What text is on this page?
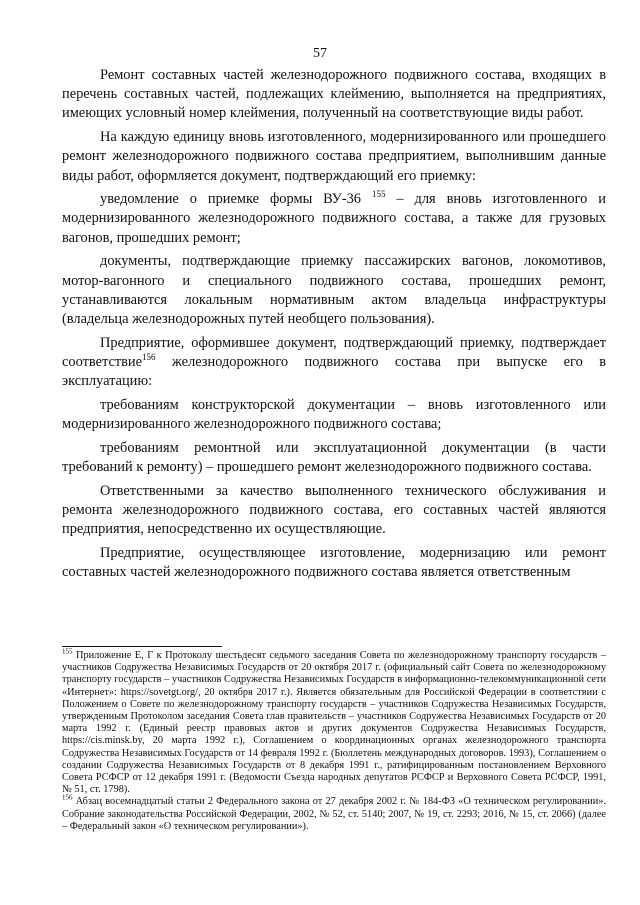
57

Ремонт составных частей железнодорожного подвижного состава, входящих в перечень составных частей, подлежащих клеймению, выполняется на предприятиях, имеющих условный номер клеймения, полученный на соответствующие виды работ.

На каждую единицу вновь изготовленного, модернизированного или прошедшего ремонт железнодорожного подвижного состава предприятием, выполнившим данные виды работ, оформляется документ, подтверждающий его приемку:

уведомление о приемке формы ВУ-36 $^{155}$ – для вновь изготовленного и модернизированного железнодорожного подвижного состава, а также для грузовых вагонов, прошедших ремонт;

документы, подтверждающие приемку пассажирских вагонов, локомотивов, мотор-вагонного и специального подвижного состава, прошедших ремонт, устанавливаются локальным нормативным актом владельца инфраструктуры (владельца железнодорожных путей необщего пользования).

Предприятие, оформившее документ, подтверждающий приемку, подтверждает соответствие$^{156}$ железнодорожного подвижного состава при выпуске его в эксплуатацию:

требованиям конструкторской документации – вновь изготовленного или модернизированного железнодорожного подвижного состава;

требованиям ремонтной или эксплуатационной документации (в части требований к ремонту) – прошедшего ремонт железнодорожного подвижного состава.

Ответственными за качество выполненного технического обслуживания и ремонта железнодорожного подвижного состава, его составных частей являются предприятия, непосредственно их осуществляющие.

Предприятие, осуществляющее изготовление, модернизацию или ремонт составных частей железнодорожного подвижного состава является ответственным

$^{155}$ Приложение Е, Г к Протоколу шестьдесят седьмого заседания Совета по железнодорожному транспорту государств – участников Содружества Независимых Государств от 20 октября 2017 г. (официальный сайт Совета по железнодорожному транспорту государств – участников Содружества Независимых Государств в информационно-телекоммуникационной сети «Интернет»: https://sovetgt.org/, 20 октября 2017 г.). Является обязательным для Российской Федерации в соответствии с Положением о Совете по железнодорожному транспорту государств – участников Содружества Независимых Государств, утвержденным Протоколом заседания Совета глав правительств – участников Содружества Независимых Государств от 20 марта 1992 г. (Единый реестр правовых актов и других документов Содружества Независимых Государств, https://cis.minsk.by, 20 марта 1992 г.), Соглашением о координационных органах железнодорожного транспорта Содружества Независимых Государств от 14 февраля 1992 г. (Бюллетень международных договоров. 1993), Соглашением о создании Содружества Независимых Государств от 8 декабря 1991 г., ратифицированным постановлением Верховного Совета РСФСР от 12 декабря 1991 г. (Ведомости Съезда народных депутатов РСФСР и Верховного Совета РСФСР, 1991, № 51, ст. 1798).

$^{156}$ Абзац восемнадцатый статьи 2 Федерального закона от 27 декабря 2002 г. № 184-ФЗ «О техническом регулировании». Собрание законодательства Российской Федерации, 2002, № 52, ст. 5140; 2007, № 19, ст. 2293; 2016, № 15, ст. 2066) (далее – Федеральный закон «О техническом регулировании»).
